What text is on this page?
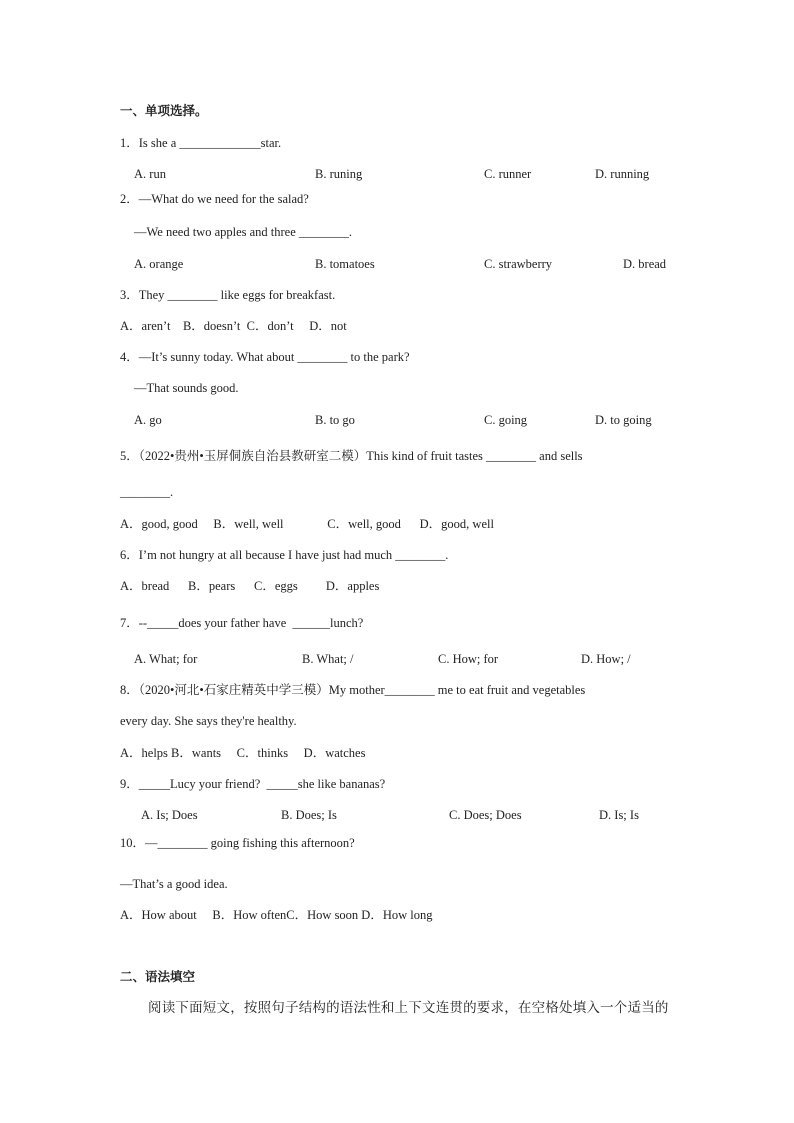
一、单项选择。
1．Is she a _____________star.
A. run	B. runing	C. runner	D. running
2．—What do we need for the salad?
—We need two apples and three ________.
A. orange	B. tomatoes	C. strawberry	D. bread
3．They ________ like eggs for breakfast.
A．aren’t    B．doesn’t  C．don’t     D．not
4．—It’s sunny today. What about ________ to the park?
—That sounds good.
A. go	B. to go	C. going	D. to going
5．（2022•贵州•玉屏侗族自治县教研室二模）This kind of fruit tastes ________ and sells
________.
A．good, good     B．well, well              C．well, good      D．good, well
6．I’m not hungry at all because I have just had much ________.
A．bread      B．pears      C．eggs         D．apples
7．--_____does your father have  ______lunch?
A. What; for	B. What; /	C. How; for	D. How; /
8．（2020•河北•石家庄精英中学三模）My mother________ me to eat fruit and vegetables
every day. She says they're healthy.
A．helps B．wants     C．thinks     D．watches
9．_____Lucy your friend?  _____she like bananas?
A. Is; Does	B. Does; Is	C. Does; Does	D. Is; Is
10．—________ going fishing this afternoon?
—That’s a good idea.
A．How about     B．How oftenC．How soon D．How long
二、语法填空
阅读下面短文，按照句子结构的语法性和上下文连贯的要求，在空格处填入一个适当的
